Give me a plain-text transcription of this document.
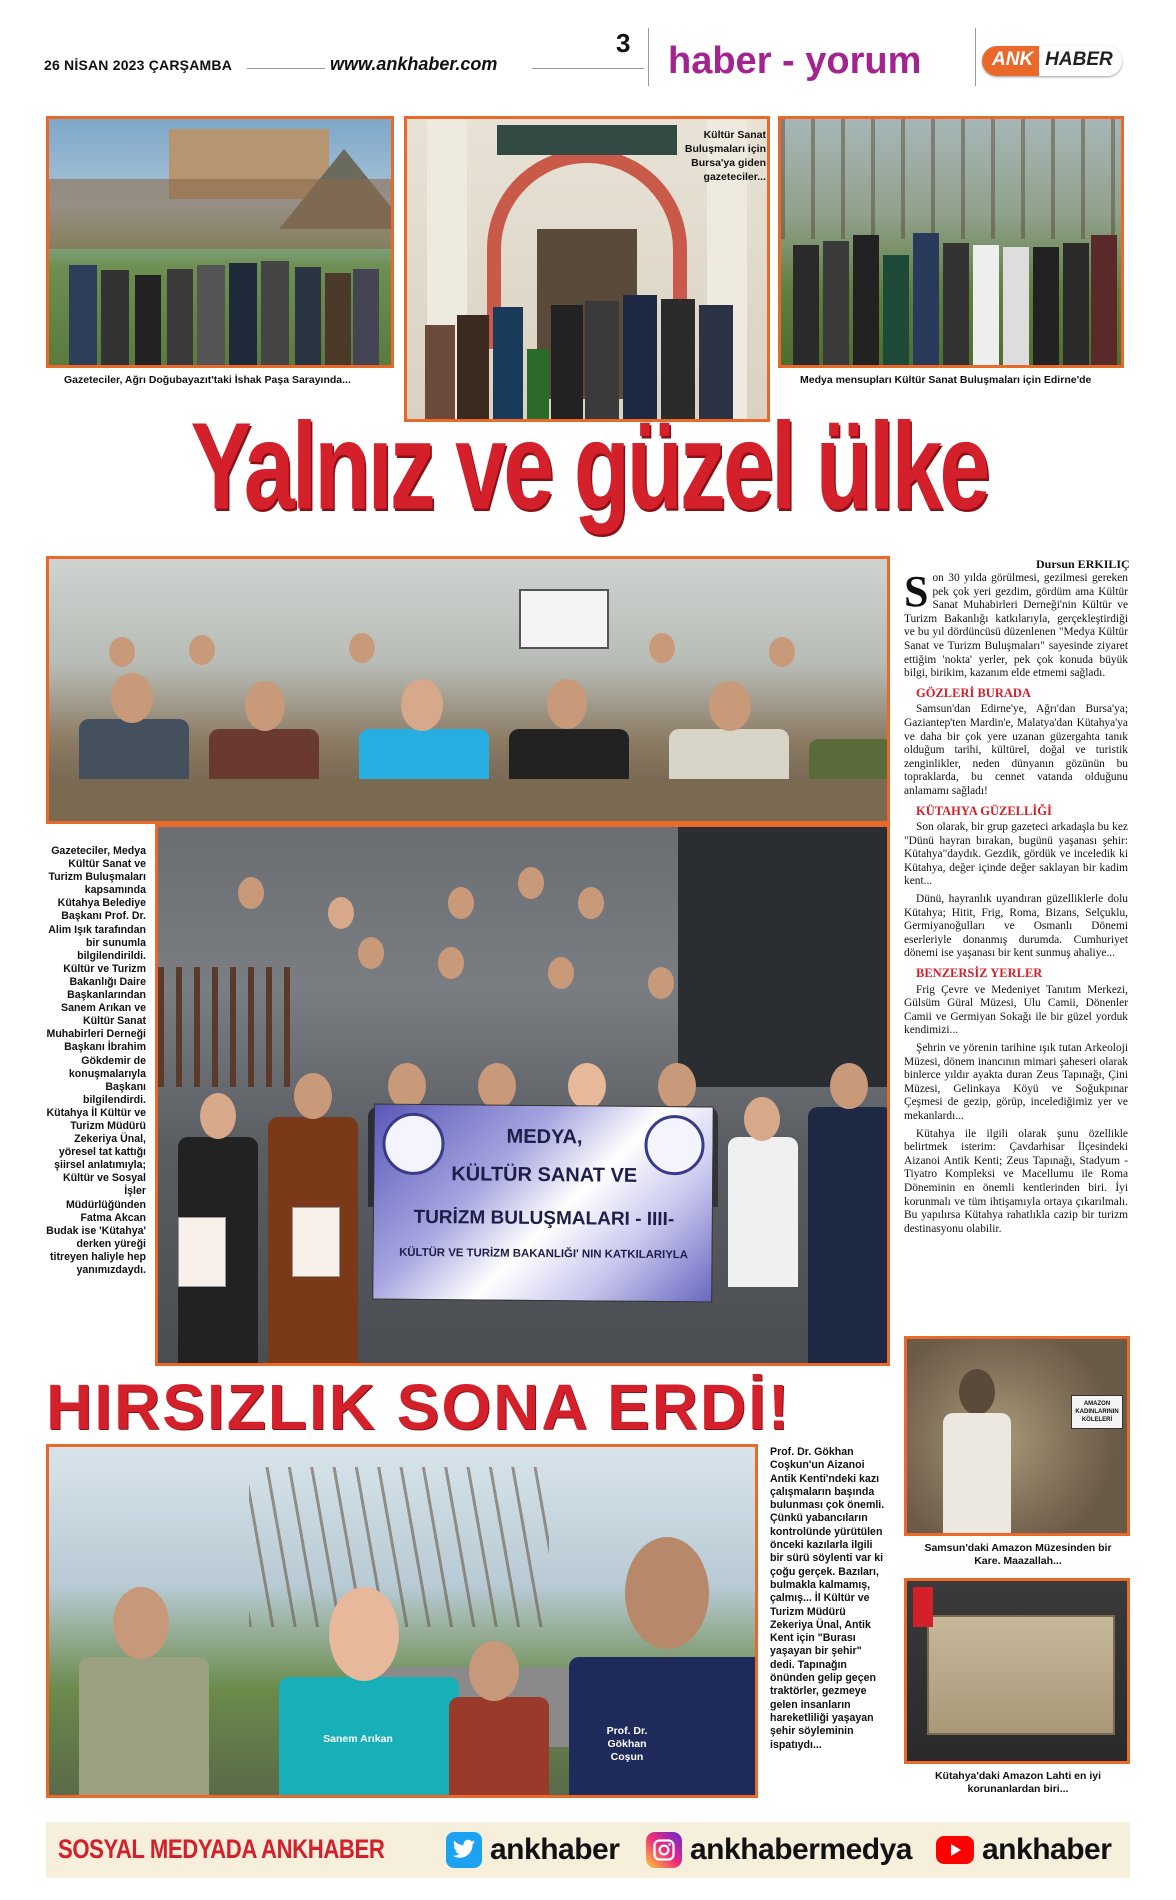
26 NİSAN 2023 ÇARŞAMBA	www.ankhaber.com
3 haber - yorum	ANK HABER
Gazeteciler, Ağrı Doğubayazıt'taki İshak Paşa Sarayında...
Kültür Sanat Buluşmaları için Bursa'ya giden gazeteciler...
Medya mensupları Kültür Sanat Buluşmaları için Edirne'de
Yalnız ve güzel ülke
Dursun ERKILIÇ

Son 30 yılda görülmesi, gezilmesi gereken pek çok yeri gezdim, gördüm ama Kültür Sanat Muhabirleri Derneği'nin Kültür ve Turizm Bakanlığı katkılarıyla, gerçekleştirdiği ve bu yıl dördüncüsü düzenlenen "Medya Kültür Sanat ve Turizm Buluşmaları" sayesinde ziyaret ettiğim 'nokta' yerler, pek çok konuda büyük bilgi, birikim, kazanım elde etmemi sağladı.

GÖZLERİ BURADA

Samsun'dan Edirne'ye, Ağrı'dan Bursa'ya; Gaziantep'ten Mardin'e, Malatya'dan Kütahya'ya ve daha bir çok yere uzanan güzergahta tanık olduğum tarihi, kültürel, doğal ve turistik zenginlikler, neden dünyanın gözünün bu topraklarda, bu cennet vatanda olduğunu anlamamı sağladı!

KÜTAHYA GÜZELLİĞİ

Son olarak, bir grup gazeteci arkadaşla bu kez "Dünü hayran bırakan, bugünü yaşanası şehir: Kütahya"daydık. Gezdik, gördük ve inceledik ki Kütahya, değer içinde değer saklayan bir kadim kent...

Dünü, hayranlık uyandıran güzelliklerle dolu Kütahya; Hitit, Frig, Roma, Bizans, Selçuklu, Germiyanoğulları ve Osmanlı Dönemi eserleriyle donanmış durumda. Cumhuriyet dönemi ise yaşanası bir kent sunmuş ahaliye...

BENZERSİZ YERLER

Frig Çevre ve Medeniyet Tanıtım Merkezi, Gülsüm Güral Müzesi, Ulu Camii, Dönenler Camii ve Germiyan Sokağı ile bir güzel yorduk kendimizi...

Şehrin ve yörenin tarihine ışık tutan Arkeoloji Müzesi, dönem inancının mimari şaheseri olarak binlerce yıldır ayakta duran Zeus Tapınağı, Çini Müzesi, Gelinkaya Köyü ve Soğukpınar Çeşmesi de gezip, görüp, incelediğimiz yer ve mekanlardı...

Kütahya ile ilgili olarak şunu özellikle belirtmek isterim: Çavdarhisar İlçesindeki Aizanoi Antik Kenti; Zeus Tapınağı, Stadyum - Tiyatro Kompleksi ve Macellumu ile Roma Döneminin en önemli kentlerinden biri. İyi korunmalı ve tüm ihtişamıyla ortaya çıkarılmalı. Bu yapılırsa Kütahya rahatlıkla cazip bir turizm destinasyonu olabilir.

Gazeteciler, Medya Kültür Sanat ve Turizm Buluşmaları kapsamında Kütahya Belediye Başkanı Prof. Dr. Alim Işık tarafından bir sunumla bilgilendirildi. Kültür ve Turizm Bakanlığı Daire Başkanlarından Sanem Arıkan ve Kültür Sanat Muhabirleri Derneği Başkanı İbrahim Gökdemir de konuşmalarıyla Başkanı bilgilendirdi. Kütahya İl Kültür ve Turizm Müdürü Zekeriya Ünal, yöresel tat kattığı şiirsel anlatımıyla; Kültür ve Sosyal İşler Müdürlüğünden Fatma Akcan Budak ise 'Kütahya' derken yüreği titreyen haliyle hep yanımızdaydı.
MEDYA,
KÜLTÜR SANAT VE
TURİZM BULUŞMALARI - IIII-
KÜLTÜR VE TURİZM BAKANLIĞI' NIN KATKILARIYLA
HIRSIZLIK SONA ERDİ!
Sanem Arıkan
Prof. Dr. Gökhan Coşun
Prof. Dr. Gökhan Coşkun'un Aizanoi Antik Kenti'ndeki kazı çalışmaların başında bulunması çok önemli. Çünkü yabancıların kontrolünde yürütülen önceki kazılarla ilgili bir sürü söylenti var ki çoğu gerçek. Bazıları, bulmakla kalmamış, çalmış... İl Kültür ve Turizm Müdürü Zekeriya Ünal, Antik Kent için "Burası yaşayan bir şehir" dedi. Tapınağın önünden gelip geçen traktörler, gezmeye gelen insanların hareketliliği yaşayan şehir söyleminin ispatıydı...
AMAZON KADINLARININ KÖLELERİ
Samsun'daki Amazon Müzesinden bir Kare. Maazallah...
Kütahya'daki Amazon Lahti en iyi korunanlardan biri...
SOSYAL MEDYADA ANKHABER	ankhaber ankhabermedya ankhaber
